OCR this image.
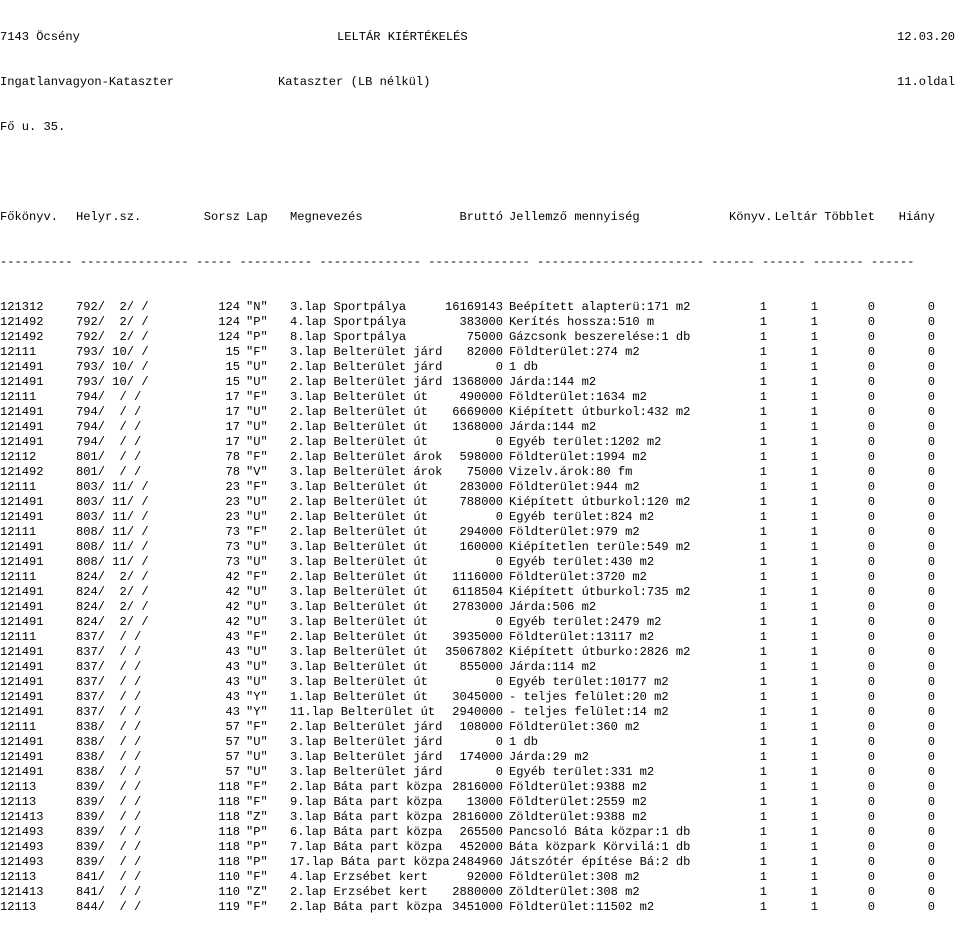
7143 Öcsény

	LELTÁR KIÉRTÉKELÉS

	12.03.20

Ingatlanvagyon-Kataszter

	Kataszter (LB nélkül)

	11.oldal

Fő u. 35.

Főkönyv.	Helyr.sz.	Sorsz Lap	Megnevezés	Bruttó Jellemző mennyiség	Könyv. Leltár Többlet	Hiány

---------- --------------- ----- ---------- -------------- -------------- ----------------------- ------ ------ ------- ------

121312	792/  2/ /	124 "N"	3.lap Sportpálya	16169143 Beépített alapterü:171 m2	1	1	0	0
121492	792/  2/ /	124 "P"	4.lap Sportpálya	383000 Kerítés hossza:510 m	1	1	0	0
121492	792/  2/ /	124 "P"	8.lap Sportpálya	75000 Gázcsonk beszerelése:1 db	1	1	0	0
12111	793/ 10/ /	15 "F"	3.lap Belterület járd	82000 Földterület:274 m2	1	1	0	0
121491	793/ 10/ /	15 "U"	2.lap Belterület járd	0 1 db	1	1	0	0
121491	793/ 10/ /	15 "U"	2.lap Belterület járd 1368000 Járda:144 m2	1	1	0	0
12111	794/  / /	17 "F"	3.lap Belterület út	490000 Földterület:1634 m2	1	1	0	0
121491	794/  / /	17 "U"	2.lap Belterület út	6669000 Kiépített útburkol:432 m2	1	1	0	0
121491	794/  / /	17 "U"	2.lap Belterület út	1368000 Járda:144 m2	1	1	0	0
121491	794/  / /	17 "U"	2.lap Belterület út	0 Egyéb terület:1202 m2	1	1	0	0
12112	801/  / /	78 "F"	2.lap Belterület árok	598000 Földterület:1994 m2	1	1	0	0
121492	801/  / /	78 "V"	3.lap Belterület árok	75000 Vizelv.árok:80 fm	1	1	0	0
12111	803/ 11/ /	23 "F"	3.lap Belterület út	283000 Földterület:944 m2	1	1	0	0
121491	803/ 11/ /	23 "U"	2.lap Belterület út	788000 Kiépített útburkol:120 m2	1	1	0	0
121491	803/ 11/ /	23 "U"	2.lap Belterület út	0 Egyéb terület:824 m2	1	1	0	0
12111	808/ 11/ /	73 "F"	2.lap Belterület út	294000 Földterület:979 m2	1	1	0	0
121491	808/ 11/ /	73 "U"	3.lap Belterület út	160000 Kiépítetlen terüle:549 m2	1	1	0	0
121491	808/ 11/ /	73 "U"	3.lap Belterület út	0 Egyéb terület:430 m2	1	1	0	0
12111	824/  2/ /	42 "F"	2.lap Belterület út	1116000 Földterület:3720 m2	1	1	0	0
121491	824/  2/ /	42 "U"	3.lap Belterület út	6118504 Kiépített útburkol:735 m2	1	1	0	0
121491	824/  2/ /	42 "U"	3.lap Belterület út	2783000 Járda:506 m2	1	1	0	0
121491	824/  2/ /	42 "U"	3.lap Belterület út	0 Egyéb terület:2479 m2	1	1	0	0
12111	837/  / /	43 "F"	2.lap Belterület út	3935000 Földterület:13117 m2	1	1	0	0
121491	837/  / /	43 "U"	3.lap Belterület út	35067802 Kiépített útburko:2826 m2	1	1	0	0
121491	837/  / /	43 "U"	3.lap Belterület út	855000 Járda:114 m2	1	1	0	0
121491	837/  / /	43 "U"	3.lap Belterület út	0 Egyéb terület:10177 m2	1	1	0	0
121491	837/  / /	43 "Y"	1.lap Belterület út	3045000 - teljes felület:20 m2	1	1	0	0
121491	837/  / /	43 "Y"	11.lap Belterület út	2940000 - teljes felület:14 m2	1	1	0	0
12111	838/  / /	57 "F"	2.lap Belterület járd	108000 Földterület:360 m2	1	1	0	0
121491	838/  / /	57 "U"	3.lap Belterület járd	0 1 db	1	1	0	0
121491	838/  / /	57 "U"	3.lap Belterület járd	174000 Járda:29 m2	1	1	0	0
121491	838/  / /	57 "U"	3.lap Belterület járd	0 Egyéb terület:331 m2	1	1	0	0
12113	839/  / /	118 "F"	2.lap Báta part közpa 2816000 Földterület:9388 m2	1	1	0	0
12113	839/  / /	118 "F"	9.lap Báta part közpa	13000 Földterület:2559 m2	1	1	0	0
121413	839/  / /	118 "Z"	3.lap Báta part közpa 2816000 Zöldterület:9388 m2	1	1	0	0
121493	839/  / /	118 "P"	6.lap Báta part közpa	265500 Pancsoló Báta közpar:1 db	1	1	0	0
121493	839/  / /	118 "P"	7.lap Báta part közpa	452000 Báta közpark Körvilá:1 db	1	1	0	0
121493	839/  / /	118 "P"	17.lap Báta part közpa 2484960 Játszótér építése Bá:2 db	1	1	0	0
12113	841/  / /	110 "F"	4.lap Erzsébet kert	92000 Földterület:308 m2	1	1	0	0
121413	841/  / /	110 "Z"	2.lap Erzsébet kert	2880000 Zöldterület:308 m2	1	1	0	0
12113	844/  / /	119 "F"	2.lap Báta part közpa 3451000 Földterület:11502 m2	1	1	0	0
